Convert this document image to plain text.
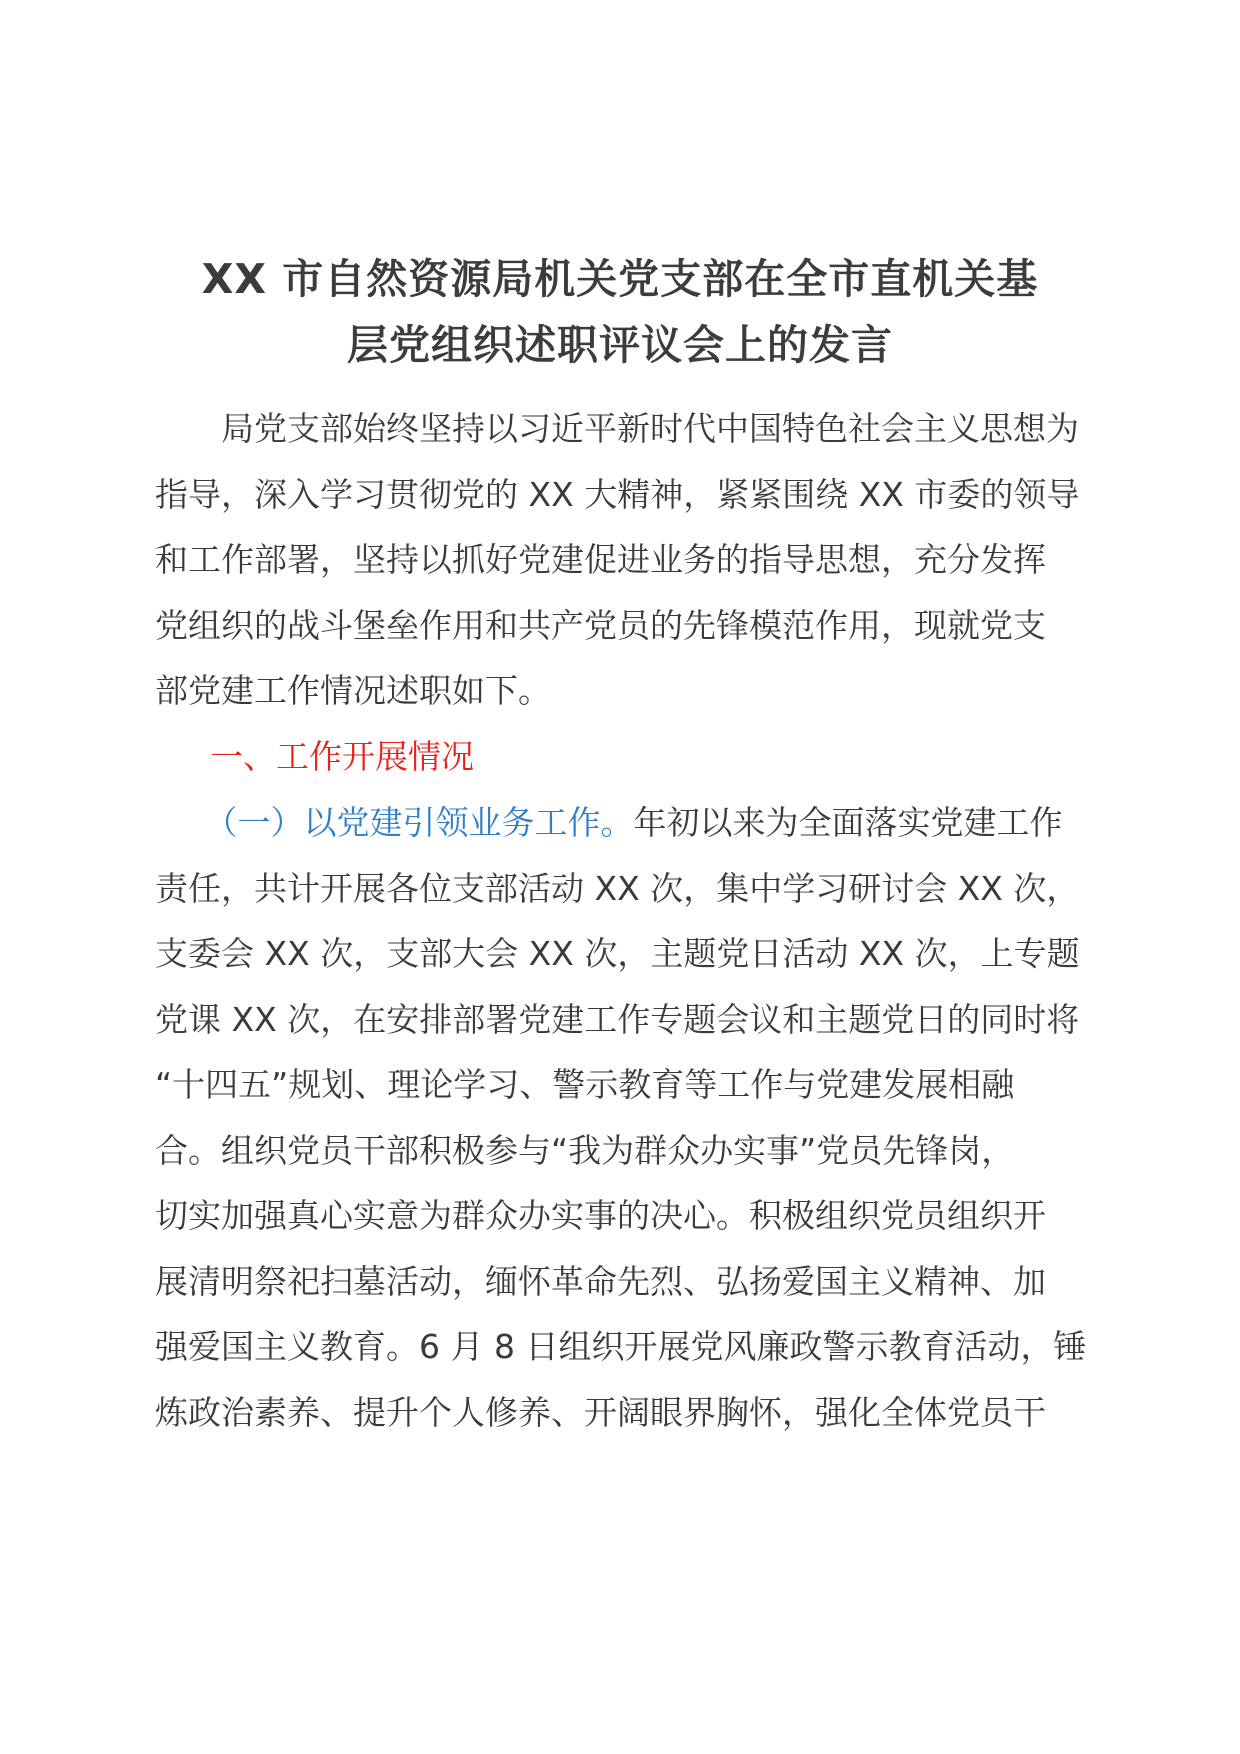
XX 市自然资源局机关党支部在全市直机关基
层党组织述职评议会上的发言
　　局党支部始终坚持以习近平新时代中国特色社会主义思想为
指导，深入学习贯彻党的 XX 大精神，紧紧围绕 XX 市委的领导
和工作部署，坚持以抓好党建促进业务的指导思想，充分发挥
党组织的战斗堡垒作用和共产党员的先锋模范作用，现就党支
部党建工作情况述职如下。
一、工作开展情况
　　（一）以党建引领业务工作。年初以来为全面落实党建工作
责任，共计开展各位支部活动 XX 次，集中学习研讨会 XX 次，
支委会 XX 次，支部大会 XX 次，主题党日活动 XX 次，上专题
党课 XX 次，在安排部署党建工作专题会议和主题党日的同时将
“十四五”规划、理论学习、警示教育等工作与党建发展相融
合。组织党员干部积极参与“我为群众办实事”党员先锋岗，
切实加强真心实意为群众办实事的决心。积极组织党员组织开
展清明祭祀扫墓活动，缅怀革命先烈、弘扬爱国主义精神、加
强爱国主义教育。6 月 8 日组织开展党风廉政警示教育活动，锤
炼政治素养、提升个人修养、开阔眼界胸怀，强化全体党员干
